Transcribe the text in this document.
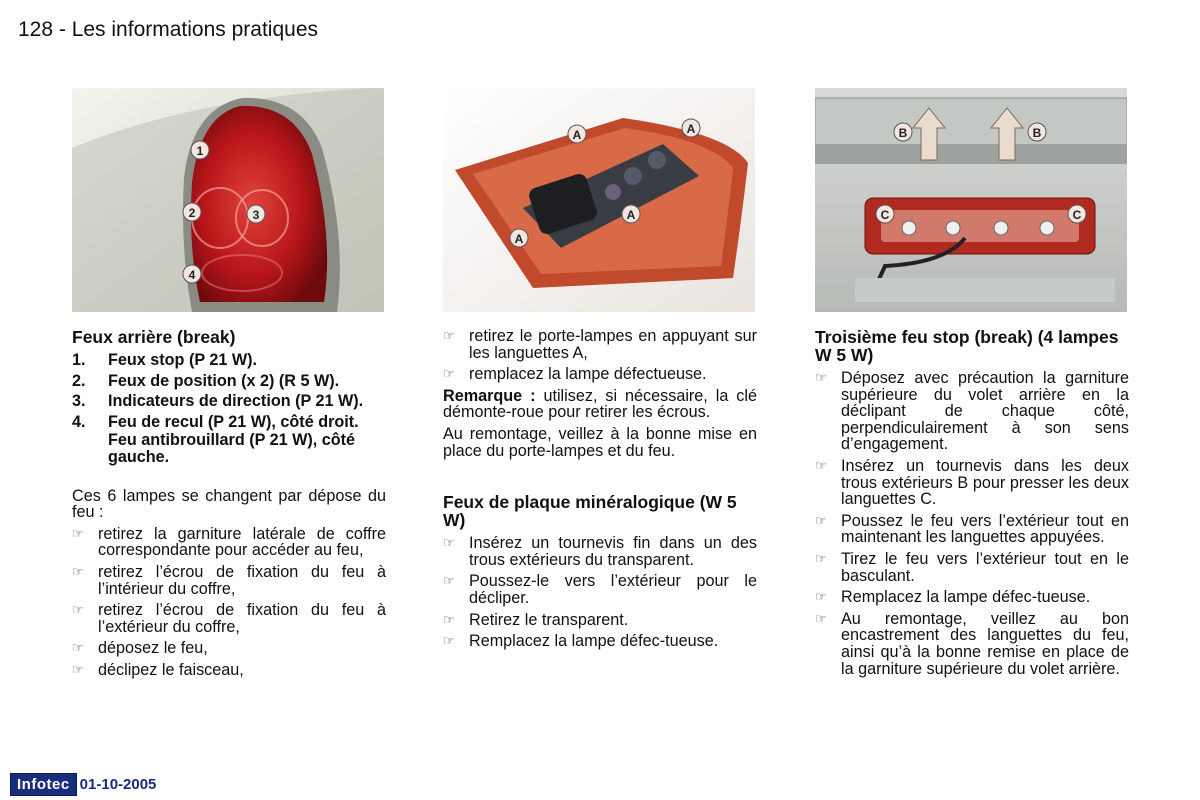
128 - Les informations pratiques
1
2	3
4
A	A
A
A
B	B
C	C
Feux arrière (break)
1. Feux stop (P 21 W).
2. Feux de position (x 2) (R 5 W).
3. Indicateurs de direction (P 21 W).
4. Feu de recul (P 21 W), côté droit.
Feu antibrouillard (P 21 W), côté gauche.

Ces 6 lampes se changent par dépose du feu :

☞ retirez la garniture latérale de coffre correspondante pour accéder au feu,
☞ retirez l’écrou de fixation du feu à l’intérieur du coffre,
☞ retirez l’écrou de fixation du feu à l’extérieur du coffre,
☞ déposez le feu,
☞ déclipez le faisceau,
☞ retirez le porte-lampes en appuyant sur les languettes A,
☞ remplacez la lampe défectueuse.

Remarque : utilisez, si nécessaire, la clé démonte-roue pour retirer les écrous.

Au remontage, veillez à la bonne mise en place du porte-lampes et du feu.

Feux de plaque minéralogique (W 5 W)
☞ Insérez un tournevis fin dans un des trous extérieurs du transparent.
☞ Poussez-le vers l’extérieur pour le décliper.
☞ Retirez le transparent.
☞ Remplacez la lampe défec-tueuse.
Troisième feu stop (break) (4 lampes W 5 W)
☞ Déposez avec précaution la garniture supérieure du volet arrière en la déclipant de chaque côté, perpendiculairement à son sens d’engagement.
☞ Insérez un tournevis dans les deux trous extérieurs B pour presser les deux languettes C.
☞ Poussez le feu vers l’extérieur tout en maintenant les languettes appuyées.
☞ Tirez le feu vers l’extérieur tout en le basculant.
☞ Remplacez la lampe défec-tueuse.
☞ Au remontage, veillez au bon encastrement des languettes du feu, ainsi qu’à la bonne remise en place de la garniture supérieure du volet arrière.
Infotec 01-10-2005
